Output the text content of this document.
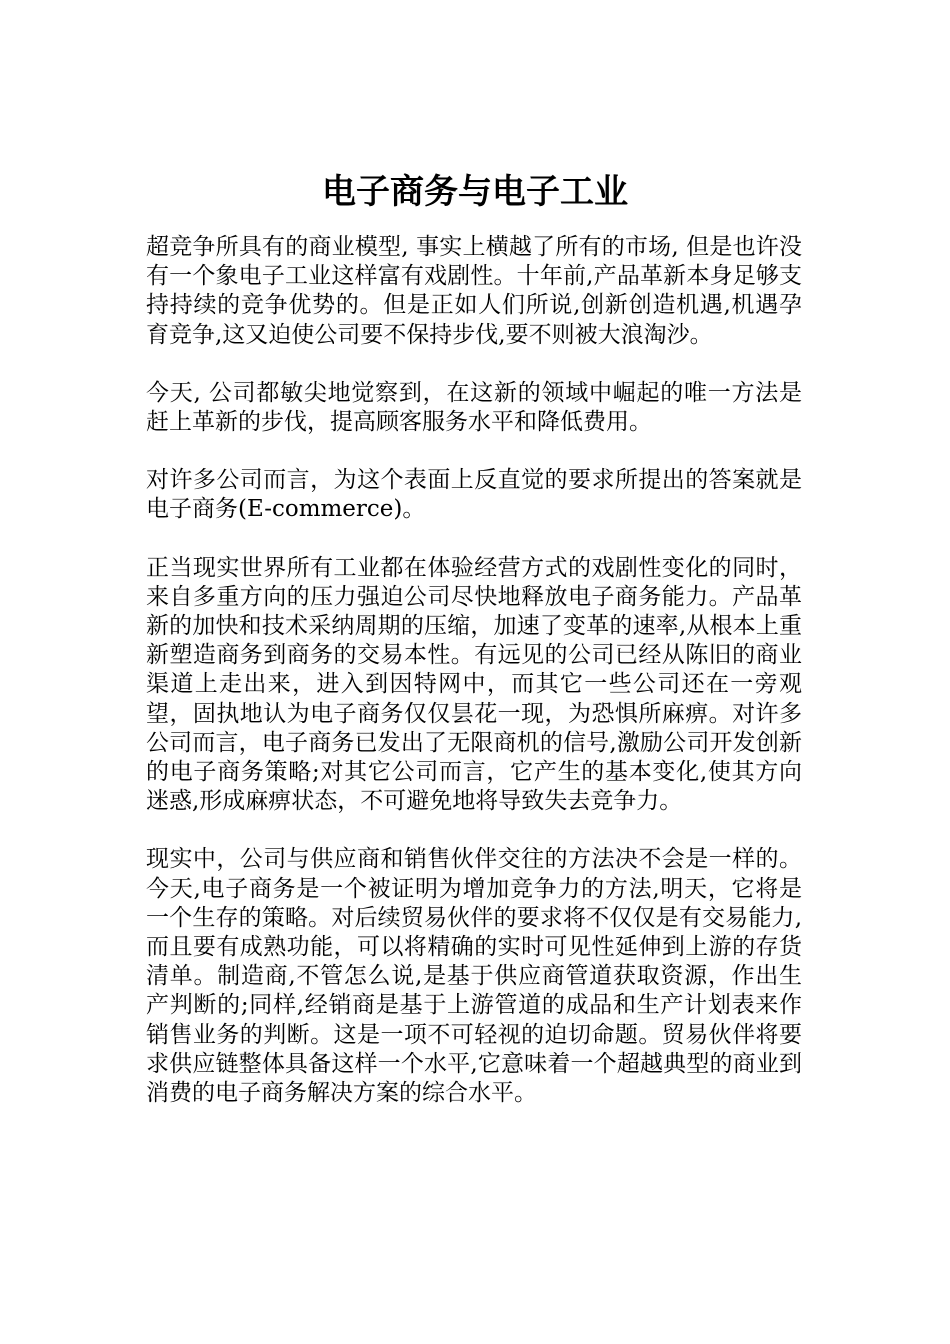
电子商务与电子工业

超竞争所具有的商业模型, 事实上横越了所有的市场, 但是也许没有一个象电子工业这样富有戏剧性。十年前,产品革新本身足够支持持续的竞争优势的。但是正如人们所说,创新创造机遇,机遇孕育竞争,这又迫使公司要不保持步伐,要不则被大浪淘沙。

今天, 公司都敏尖地觉察到，在这新的领域中崛起的唯一方法是赶上革新的步伐，提高顾客服务水平和降低费用。

对许多公司而言，为这个表面上反直觉的要求所提出的答案就是电子商务(E-commerce)。

正当现实世界所有工业都在体验经营方式的戏剧性变化的同时，来自多重方向的压力强迫公司尽快地释放电子商务能力。产品革新的加快和技术采纳周期的压缩，加速了变革的速率,从根本上重新塑造商务到商务的交易本性。有远见的公司已经从陈旧的商业渠道上走出来，进入到因特网中，而其它一些公司还在一旁观望，固执地认为电子商务仅仅昙花一现，为恐惧所麻痹。对许多公司而言，电子商务已发出了无限商机的信号,激励公司开发创新的电子商务策略;对其它公司而言，它产生的基本变化,使其方向迷惑,形成麻痹状态，不可避免地将导致失去竞争力。

现实中，公司与供应商和销售伙伴交往的方法决不会是一样的。今天,电子商务是一个被证明为增加竞争力的方法,明天，它将是一个生存的策略。对后续贸易伙伴的要求将不仅仅是有交易能力,而且要有成熟功能，可以将精确的实时可见性延伸到上游的存货清单。制造商,不管怎么说,是基于供应商管道获取资源，作出生产判断的;同样,经销商是基于上游管道的成品和生产计划表来作销售业务的判断。这是一项不可轻视的迫切命题。贸易伙伴将要求供应链整体具备这样一个水平,它意味着一个超越典型的商业到消费的电子商务解决方案的综合水平。
